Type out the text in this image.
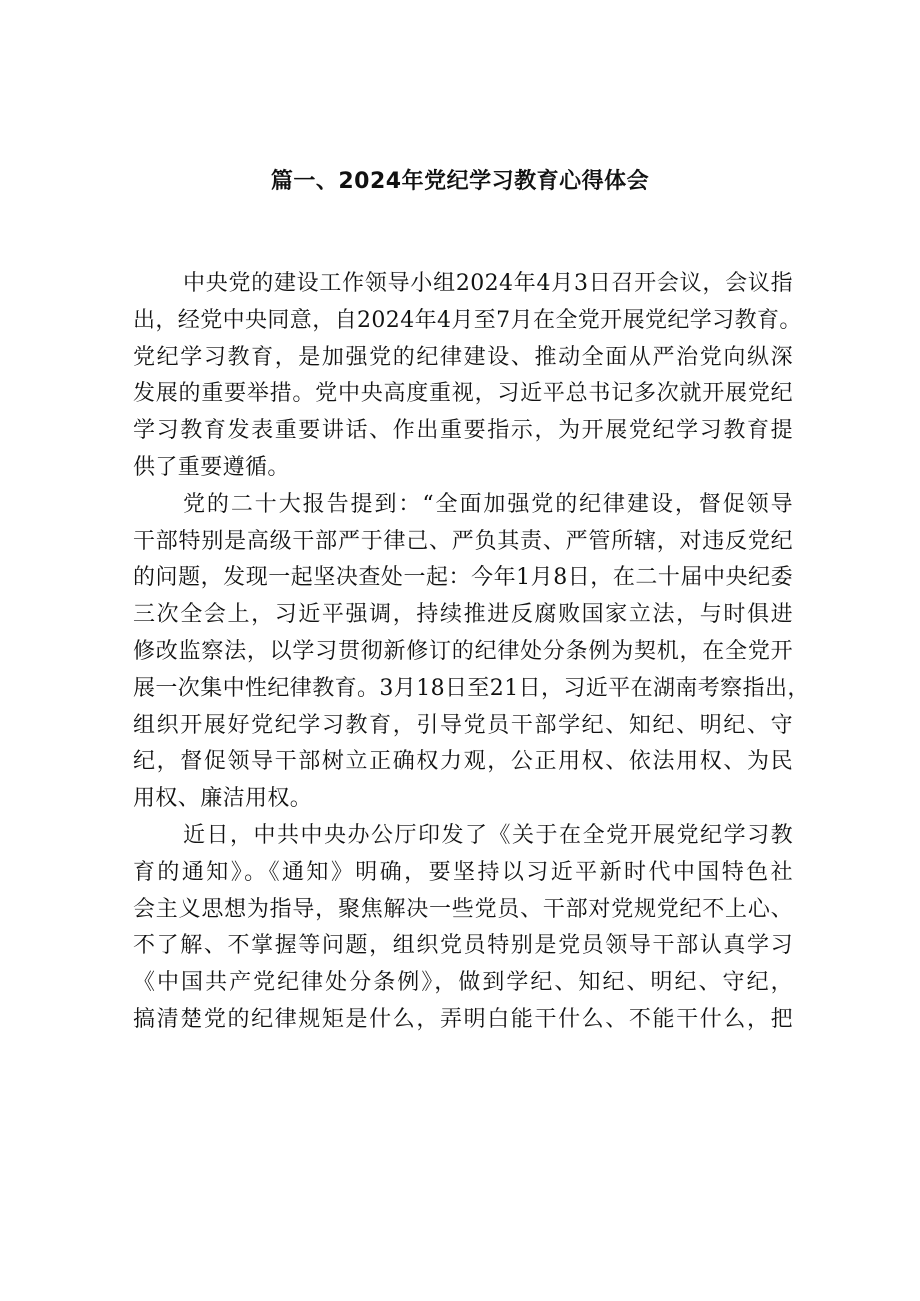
篇一、2024年党纪学习教育心得体会
中央党的建设工作领导小组2024年4月3日召开会议，会议指
出，经党中央同意，自2024年4月至7月在全党开展党纪学习教育。
党纪学习教育，是加强党的纪律建设、推动全面从严治党向纵深
发展的重要举措。党中央高度重视，习近平总书记多次就开展党纪
学习教育发表重要讲话、作出重要指示，为开展党纪学习教育提
供了重要遵循。
党的二十大报告提到：“全面加强党的纪律建设，督促领导
干部特别是高级干部严于律己、严负其责、严管所辖，对违反党纪
的问题，发现一起坚决查处一起：今年1月8日，在二十届中央纪委
三次全会上，习近平强调，持续推进反腐败国家立法，与时俱进
修改监察法，以学习贯彻新修订的纪律处分条例为契机，在全党开
展一次集中性纪律教育。3月18日至21日，习近平在湖南考察指出，
组织开展好党纪学习教育，引导党员干部学纪、知纪、明纪、守
纪，督促领导干部树立正确权力观，公正用权、依法用权、为民
用权、廉洁用权。
近日，中共中央办公厅印发了《关于在全党开展党纪学习教
育的通知》。《通知》明确，要坚持以习近平新时代中国特色社
会主义思想为指导，聚焦解决一些党员、干部对党规党纪不上心、
不了解、不掌握等问题，组织党员特别是党员领导干部认真学习
《中国共产党纪律处分条例》，做到学纪、知纪、明纪、守纪，
搞清楚党的纪律规矩是什么，弄明白能干什么、不能干什么，把
